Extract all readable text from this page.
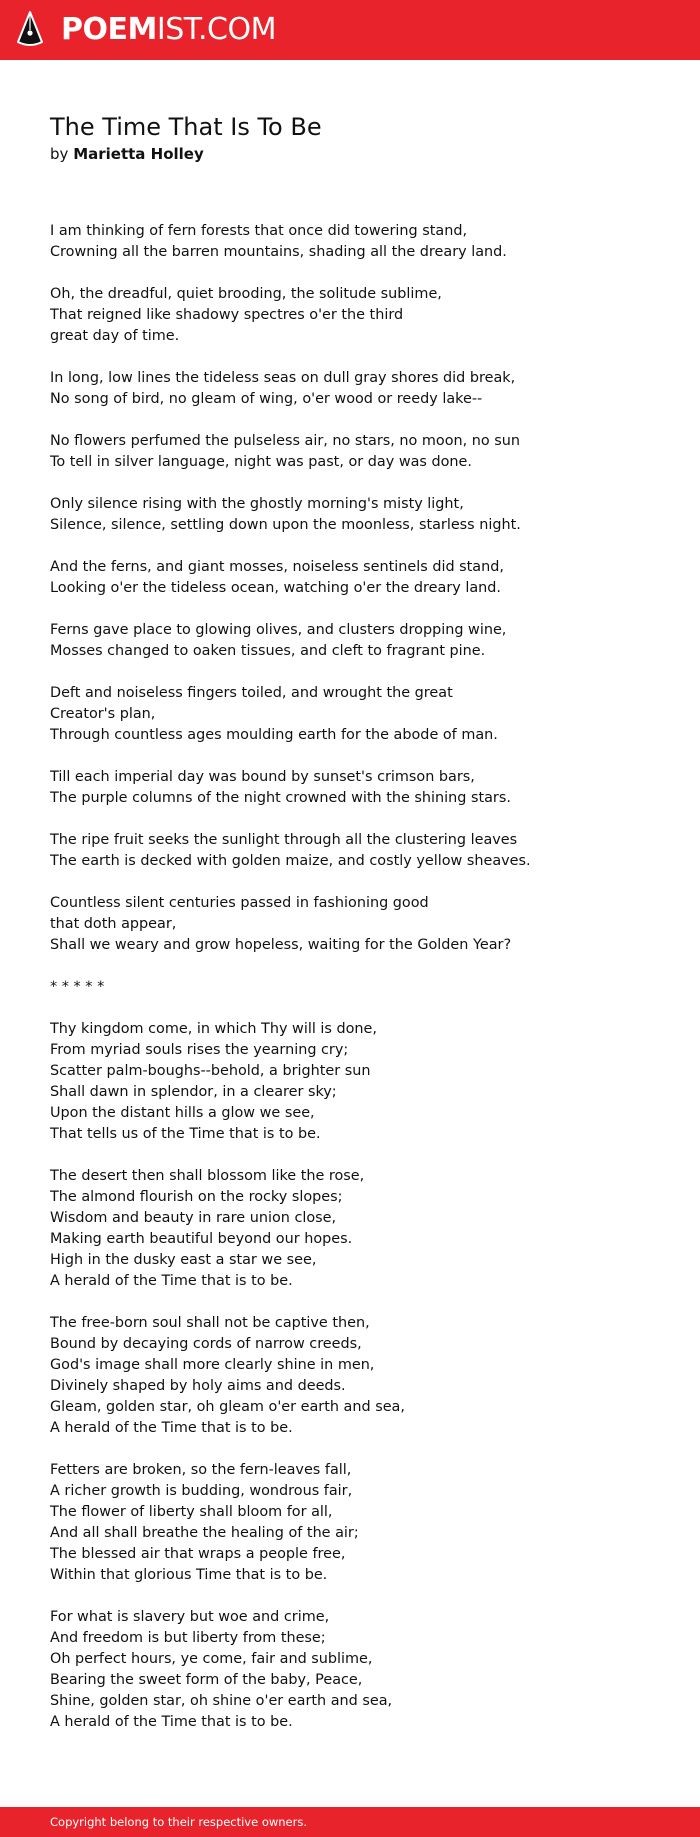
POEMIST.COM
The Time That Is To Be
by Marietta Holley
I am thinking of fern forests that once did towering stand,
Crowning all the barren mountains, shading all the dreary land.
Oh, the dreadful, quiet brooding, the solitude sublime,
That reigned like shadowy spectres o'er the third
great day of time.
In long, low lines the tideless seas on dull gray shores did break,
No song of bird, no gleam of wing, o'er wood or reedy lake--
No flowers perfumed the pulseless air, no stars, no moon, no sun
To tell in silver language, night was past, or day was done.
Only silence rising with the ghostly morning's misty light,
Silence, silence, settling down upon the moonless, starless night.
And the ferns, and giant mosses, noiseless sentinels did stand,
Looking o'er the tideless ocean, watching o'er the dreary land.
Ferns gave place to glowing olives, and clusters dropping wine,
Mosses changed to oaken tissues, and cleft to fragrant pine.
Deft and noiseless fingers toiled, and wrought the great
Creator's plan,
Through countless ages moulding earth for the abode of man.
Till each imperial day was bound by sunset's crimson bars,
The purple columns of the night crowned with the shining stars.
The ripe fruit seeks the sunlight through all the clustering leaves
The earth is decked with golden maize, and costly yellow sheaves.
Countless silent centuries passed in fashioning good
that doth appear,
Shall we weary and grow hopeless, waiting for the Golden Year?
* * * * *
Thy kingdom come, in which Thy will is done,
From myriad souls rises the yearning cry;
Scatter palm-boughs--behold, a brighter sun
Shall dawn in splendor, in a clearer sky;
Upon the distant hills a glow we see,
That tells us of the Time that is to be.
The desert then shall blossom like the rose,
The almond flourish on the rocky slopes;
Wisdom and beauty in rare union close,
Making earth beautiful beyond our hopes.
High in the dusky east a star we see,
A herald of the Time that is to be.
The free-born soul shall not be captive then,
Bound by decaying cords of narrow creeds,
God's image shall more clearly shine in men,
Divinely shaped by holy aims and deeds.
Gleam, golden star, oh gleam o'er earth and sea,
A herald of the Time that is to be.
Fetters are broken, so the fern-leaves fall,
A richer growth is budding, wondrous fair,
The flower of liberty shall bloom for all,
And all shall breathe the healing of the air;
The blessed air that wraps a people free,
Within that glorious Time that is to be.
For what is slavery but woe and crime,
And freedom is but liberty from these;
Oh perfect hours, ye come, fair and sublime,
Bearing the sweet form of the baby, Peace,
Shine, golden star, oh shine o'er earth and sea,
A herald of the Time that is to be.
Copyright belong to their respective owners.
